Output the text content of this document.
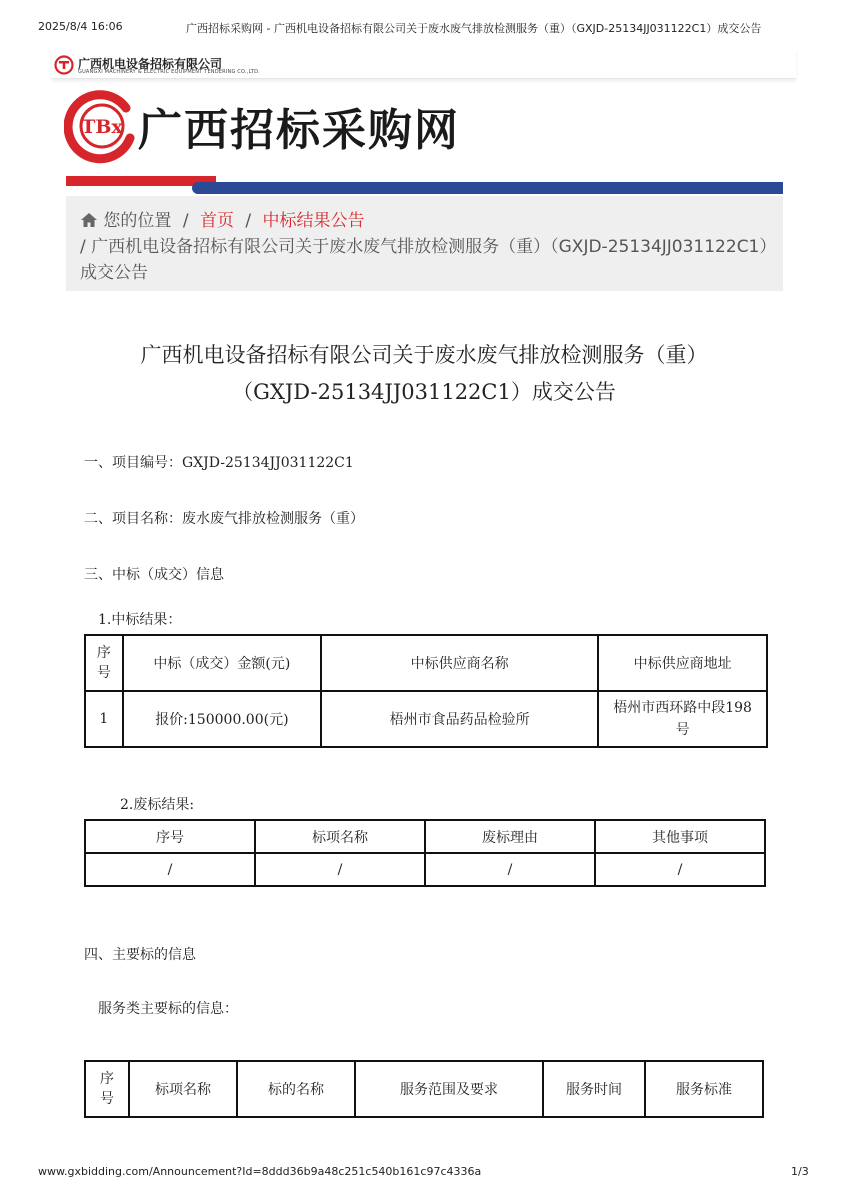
2025/8/4 16:06	广西招标采购网 - 广西机电设备招标有限公司关于废水废气排放检测服务（重）（GXJD-25134JJ031122C1）成交公告
广西机电设备招标有限公司
GUANGXI MACHINERY & ELECTRIC EQUIPMENT TENDERING CO.,LTD.
TBx 广西招标采购网
您的位置 / 首页 / 中标结果公告
/ 广西机电设备招标有限公司关于废水废气排放检测服务（重）（GXJD-25134JJ031122C1）成交公告
广西机电设备招标有限公司关于废水废气排放检测服务（重）
（GXJD-25134JJ031122C1）成交公告
一、项目编号：GXJD-25134JJ031122C1
二、项目名称：废水废气排放检测服务（重）
三、中标（成交）信息
1.中标结果：
序号	中标（成交）金额(元)	中标供应商名称	中标供应商地址
1	报价:150000.00(元)	梧州市食品药品检验所	梧州市西环路中段198号
2.废标结果:
序号	标项名称	废标理由	其他事项
/	/	/	/
四、主要标的信息
服务类主要标的信息：
序号	标项名称	标的名称	服务范围及要求	服务时间	服务标准
www.gxbidding.com/Announcement?Id=8ddd36b9a48c251c540b161c97c4336a	1/3
